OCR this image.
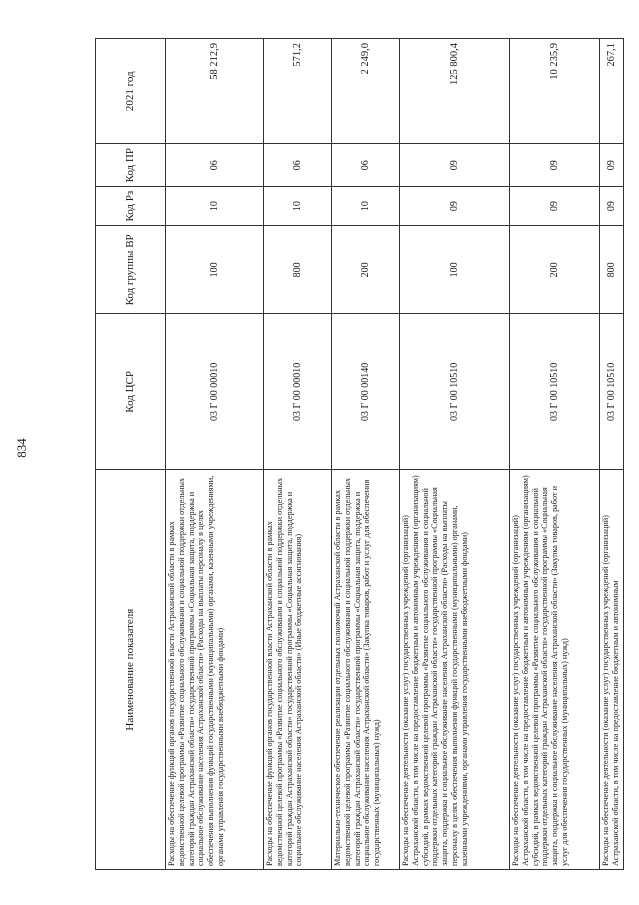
834
Наименование показателя	Код ЦСР	Код группы ВР	Код Рз	Код ПР	2021 год
Расходы на обеспечение функций органов государственной власти Астраханской области в рамках ведомственной целевой программы «Развитие социального обслуживания и социальной поддержки отдельных категорий граждан Астраханской области» государственной программы «Социальная защита, поддержка и социальное обслуживание населения Астраханской области» (Расходы на выплаты персоналу в целях обеспечения выполнения функций государственными (муниципальными) органами, казенными учреждениями, органами управления государственными внебюджетными фондами)	03 Г 00 00010	100	10	06	58 212,9
Расходы на обеспечение функций органов государственной власти Астраханской области в рамках ведомственной целевой программы «Развитие социального обслуживания и социальной поддержки отдельных категорий граждан Астраханской области» государственной программы «Социальная защита, поддержка и социальное обслуживание населения Астраханской области» (Иные бюджетные ассигнования)	03 Г 00 00010	800	10	06	571,2
Материально-техническое обеспечение реализации отдельных полномочий Астраханской области в рамках ведомственной целевой программы «Развитие социального обслуживания и социальной поддержки отдельных категорий граждан Астраханской области» государственной программы «Социальная защита, поддержка и социальное обслуживание населения Астраханской области» (Закупка товаров, работ и услуг для обеспечения государственных (муниципальных) нужд)	03 Г 00 00140	200	10	06	2 249,0
Расходы на обеспечение деятельности (оказание услуг) государственных учреждений (организаций) Астраханской области, в том числе на предоставление бюджетным и автономным учреждениям (организациям) субсидий, в рамках ведомственной целевой программы «Развитие социального обслуживания и социальной поддержки отдельных категорий граждан Астраханской области» государственной программы «Социальная защита, поддержка и социальное обслуживание населения Астраханской области» (Расходы на выплаты персоналу в целях обеспечения выполнения функций государственными (муниципальными) органами, казенными учреждениями, органами управления государственными внебюджетными фондами)	03 Г 00 10510	100	09	09	125 800,4
Расходы на обеспечение деятельности (оказание услуг) государственных учреждений (организаций) Астраханской области, в том числе на предоставление бюджетным и автономным учреждениям (организациям) субсидий, в рамках ведомственной целевой программы «Развитие социального обслуживания и социальной поддержки отдельных категорий граждан Астраханской области» государственной программы «Социальная защита, поддержка и социальное обслуживание населения Астраханской области» (Закупка товаров, работ и услуг для обеспечения государственных (муниципальных) нужд)	03 Г 00 10510	200	09	09	10 235,9
Расходы на обеспечение деятельности (оказание услуг) государственных учреждений (организаций) Астраханской области, в том числе на предоставление бюджетным и автономным	03 Г 00 10510	800	09	09	267,1
